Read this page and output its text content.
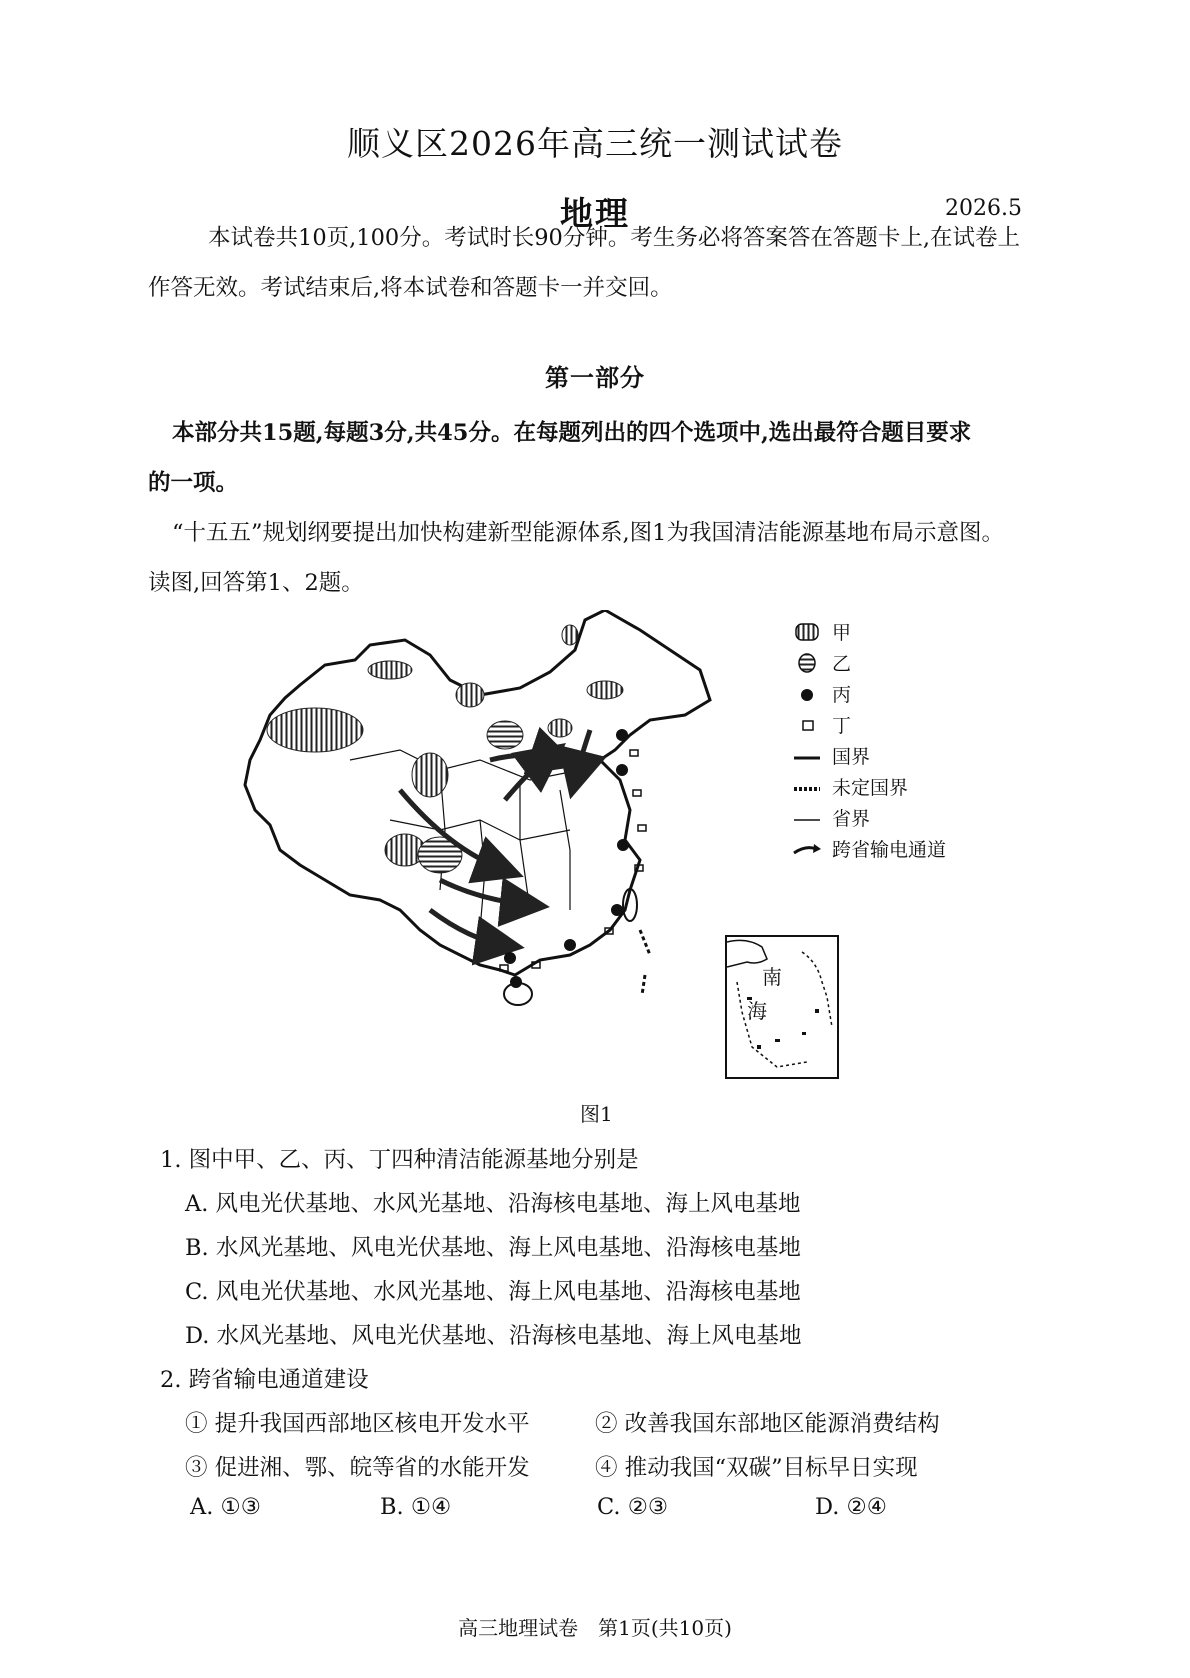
顺义区2026年高三统一测试试卷
地理	2026.5
本试卷共10页,100分。考试时长90分钟。考生务必将答案答在答题卡上,在试卷上
作答无效。考试结束后,将本试卷和答题卡一并交回。
第一部分
本部分共15题,每题3分,共45分。在每题列出的四个选项中,选出最符合题目要求
的一项。
“十五五”规划纲要提出加快构建新型能源体系,图1为我国清洁能源基地布局示意图。
读图,回答第1、2题。
南
海
甲
乙
丙
丁
国界
未定国界
省界
跨省输电通道
图1
1. 图中甲、乙、丙、丁四种清洁能源基地分别是
A. 风电光伏基地、水风光基地、沿海核电基地、海上风电基地
B. 水风光基地、风电光伏基地、海上风电基地、沿海核电基地
C. 风电光伏基地、水风光基地、海上风电基地、沿海核电基地
D. 水风光基地、风电光伏基地、沿海核电基地、海上风电基地
2. 跨省输电通道建设
① 提升我国西部地区核电开发水平	② 改善我国东部地区能源消费结构
③ 促进湘、鄂、皖等省的水能开发	④ 推动我国“双碳”目标早日实现
A. ①③	B. ①④	C. ②③	D. ②④
高三地理试卷　第1页(共10页)
